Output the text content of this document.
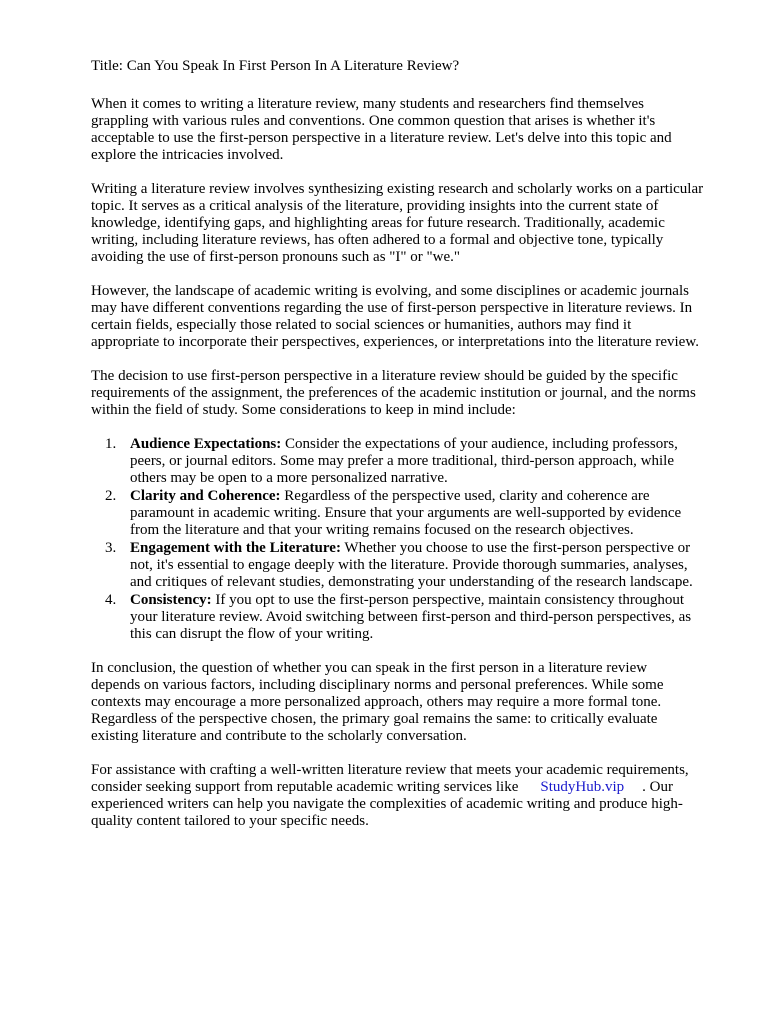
Title: Can You Speak In First Person In A Literature Review?

When it comes to writing a literature review, many students and researchers find themselves
grappling with various rules and conventions. One common question that arises is whether it's
acceptable to use the first-person perspective in a literature review. Let's delve into this topic and
explore the intricacies involved.

Writing a literature review involves synthesizing existing research and scholarly works on a particular
topic. It serves as a critical analysis of the literature, providing insights into the current state of
knowledge, identifying gaps, and highlighting areas for future research. Traditionally, academic
writing, including literature reviews, has often adhered to a formal and objective tone, typically
avoiding the use of first-person pronouns such as "I" or "we."

However, the landscape of academic writing is evolving, and some disciplines or academic journals
may have different conventions regarding the use of first-person perspective in literature reviews. In
certain fields, especially those related to social sciences or humanities, authors may find it
appropriate to incorporate their perspectives, experiences, or interpretations into the literature review.

The decision to use first-person perspective in a literature review should be guided by the specific
requirements of the assignment, the preferences of the academic institution or journal, and the norms
within the field of study. Some considerations to keep in mind include:

1. Audience Expectations: Consider the expectations of your audience, including professors,
peers, or journal editors. Some may prefer a more traditional, third-person approach, while
others may be open to a more personalized narrative.
2. Clarity and Coherence: Regardless of the perspective used, clarity and coherence are
paramount in academic writing. Ensure that your arguments are well-supported by evidence
from the literature and that your writing remains focused on the research objectives.
3. Engagement with the Literature: Whether you choose to use the first-person perspective or
not, it's essential to engage deeply with the literature. Provide thorough summaries, analyses,
and critiques of relevant studies, demonstrating your understanding of the research landscape.
4. Consistency: If you opt to use the first-person perspective, maintain consistency throughout
your literature review. Avoid switching between first-person and third-person perspectives, as
this can disrupt the flow of your writing.

In conclusion, the question of whether you can speak in the first person in a literature review
depends on various factors, including disciplinary norms and personal preferences. While some
contexts may encourage a more personalized approach, others may require a more formal tone.
Regardless of the perspective chosen, the primary goal remains the same: to critically evaluate
existing literature and contribute to the scholarly conversation.

For assistance with crafting a well-written literature review that meets your academic requirements,
consider seeking support from reputable academic writing services like StudyHub.vip . Our
experienced writers can help you navigate the complexities of academic writing and produce high-
quality content tailored to your specific needs.
